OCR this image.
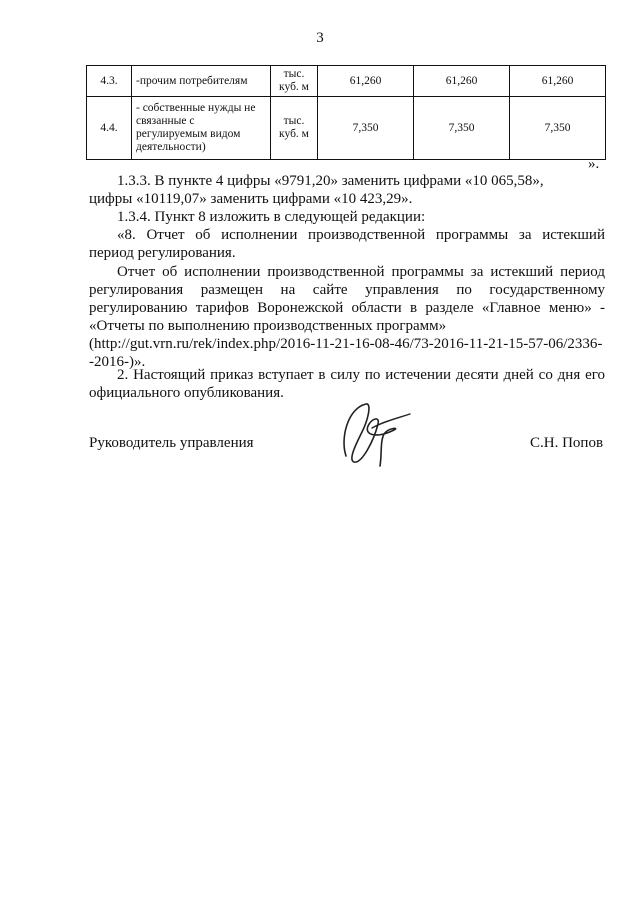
3
4.3.	-прочим потребителям	тыс. куб. м	61,260	61,260	61,260
4.4.	- собственные нужды не связанные с регулируемым видом деятельности)	тыс. куб. м	7,350	7,350	7,350
».
1.3.3. В пункте 4 цифры «9791,20» заменить цифрами «10 065,58»,
цифры «10119,07» заменить цифрами «10 423,29».
1.3.4. Пункт 8 изложить в следующей редакции:
«8. Отчет об исполнении производственной программы за истекший период регулирования.
Отчет об исполнении производственной программы за истекший период регулирования размещен на сайте управления по государственному регулированию тарифов Воронежской области в разделе «Главное меню» - «Отчеты по выполнению производственных программ»
(http://gut.vrn.ru/rek/index.php/2016-11-21-16-08-46/73-2016-11-21-15-57-06/2336--2016-)».
2. Настоящий приказ вступает в силу по истечении десяти дней со дня его официального опубликования.
Руководитель управления	С.Н. Попов
